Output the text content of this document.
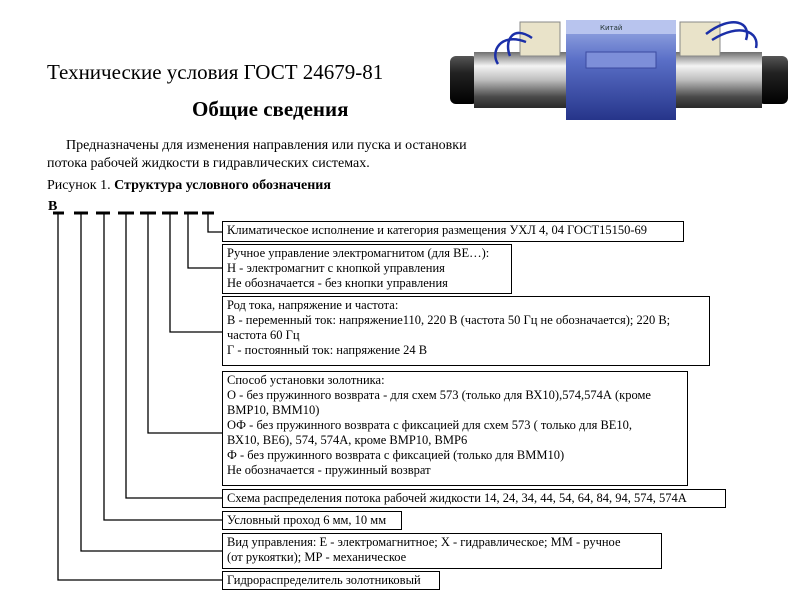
Китай
Технические условия ГОСТ 24679-81
Общие сведения
Предназначены для изменения направления или пуска и остановки
потока рабочей жидкости в гидравлических системах.
Рисунок 1. Структура условного обозначения
В
Климатическое исполнение и категория размещения УХЛ 4, 04 ГОСТ15150-69
Ручное управление электромагнитом (для ВЕ…):
Н - электромагнит с кнопкой управления
Не обозначается - без кнопки управления
Род тока, напряжение и частота:
В - переменный ток: напряжение110, 220 В (частота 50 Гц не обозначается); 220 В;
частота 60 Гц
Г - постоянный ток: напряжение 24 В
Способ установки золотника:
О - без пружинного возврата - для схем 573 (только для ВХ10),574,574А (кроме
ВМР10, ВММ10)
ОФ - без пружинного возврата с фиксацией для схем 573 ( только для ВЕ10,
ВХ10, ВЕ6), 574, 574А, кроме ВМР10, ВМР6
Ф - без пружинного возврата с фиксацией (только для ВММ10)
Не обозначается - пружинный возврат
Схема распределения потока рабочей жидкости 14, 24, 34, 44, 54, 64, 84, 94, 574, 574А
Условный проход 6 мм, 10 мм
Вид управления: Е - электромагнитное; Х - гидравлическое; ММ - ручное
(от рукоятки); МР - механическое
Гидрораспределитель золотниковый
